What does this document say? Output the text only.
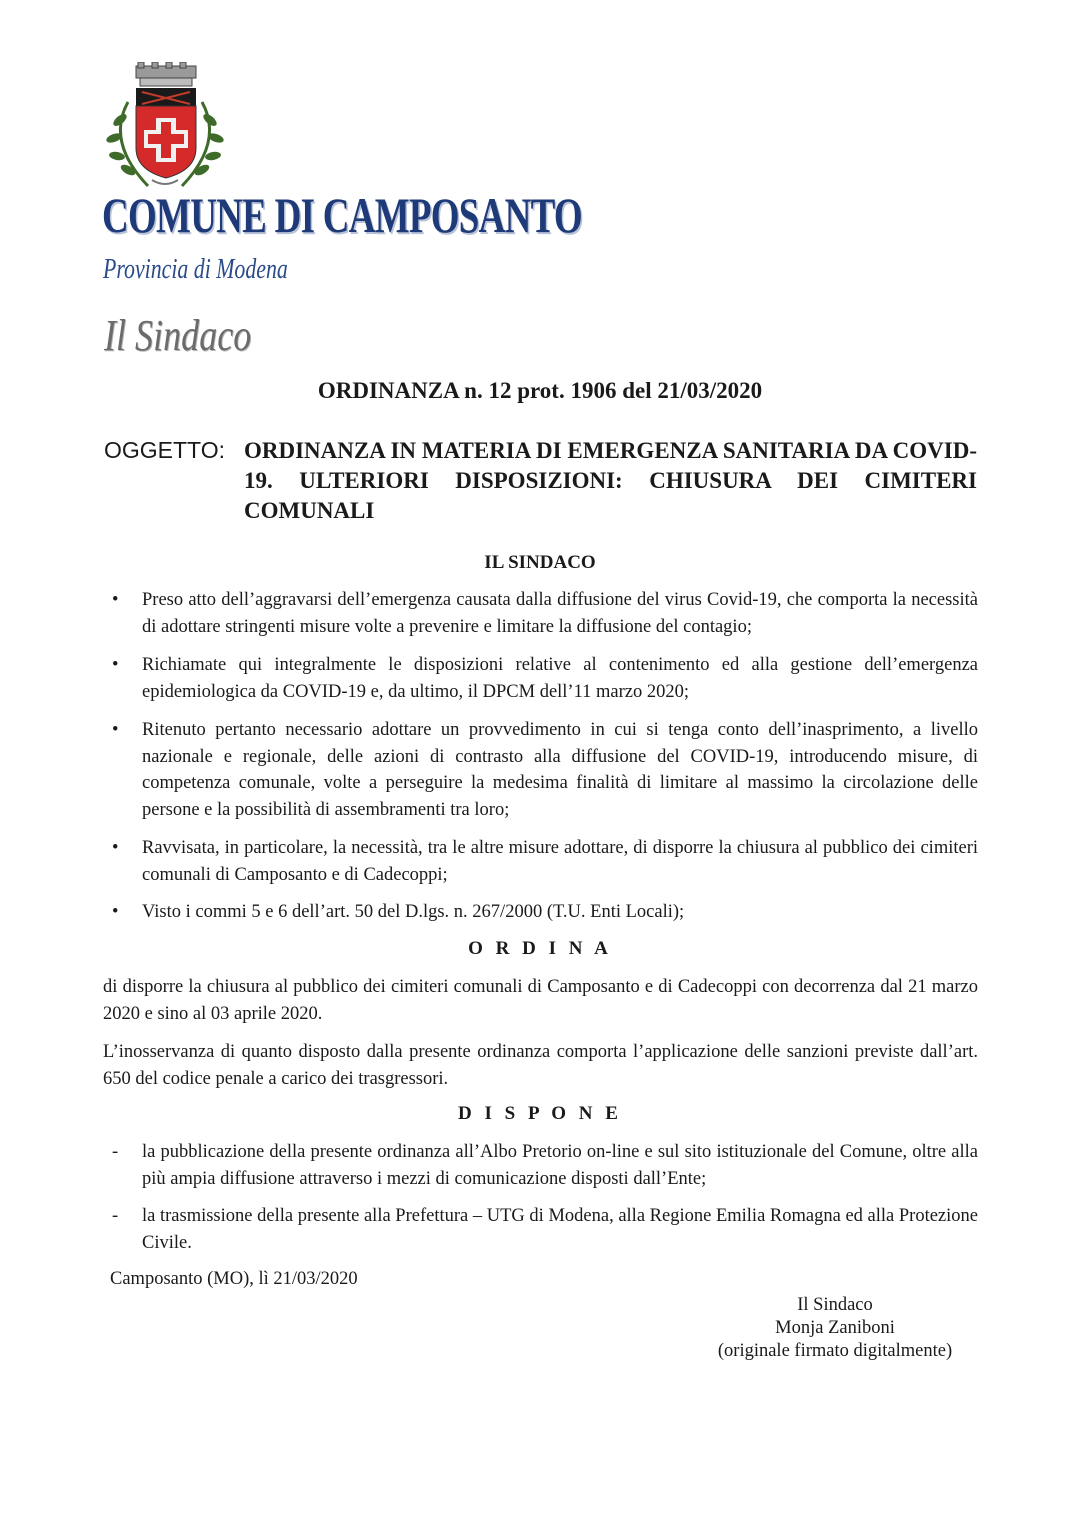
COMUNE DI CAMPOSANTO
Provincia di Modena
Il Sindaco
ORDINANZA n. 12 prot. 1906 del 21/03/2020
OGGETTO: ORDINANZA IN MATERIA DI EMERGENZA SANITARIA DA COVID-19. ULTERIORI DISPOSIZIONI: CHIUSURA DEI CIMITERI COMUNALI
IL SINDACO
• Preso atto dell’aggravarsi dell’emergenza causata dalla diffusione del virus Covid-19, che comporta la necessità di adottare stringenti misure volte a prevenire e limitare la diffusione del contagio;
• Richiamate qui integralmente le disposizioni relative al contenimento ed alla gestione dell’emergenza epidemiologica da COVID-19 e, da ultimo, il DPCM dell’11 marzo 2020;
• Ritenuto pertanto necessario adottare un provvedimento in cui si tenga conto dell’inasprimento, a livello nazionale e regionale, delle azioni di contrasto alla diffusione del COVID-19, introducendo misure, di competenza comunale, volte a perseguire la medesima finalità di limitare al massimo la circolazione delle persone e la possibilità di assembramenti tra loro;
• Ravvisata, in particolare, la necessità, tra le altre misure adottare, di disporre la chiusura al pubblico dei cimiteri comunali di Camposanto e di Cadecoppi;
• Visto i commi 5 e 6 dell’art. 50 del D.lgs. n. 267/2000 (T.U. Enti Locali);
O R D I N A
di disporre la chiusura al pubblico dei cimiteri comunali di Camposanto e di Cadecoppi con decorrenza dal 21 marzo 2020 e sino al 03 aprile 2020.
L’inosservanza di quanto disposto dalla presente ordinanza comporta l’applicazione delle sanzioni previste dall’art. 650 del codice penale a carico dei trasgressori.
D I S P O N E
-	la pubblicazione della presente ordinanza all’Albo Pretorio on-line e sul sito istituzionale del Comune, oltre alla più ampia diffusione attraverso i mezzi di comunicazione disposti dall’Ente;
-	la trasmissione della presente alla Prefettura – UTG di Modena, alla Regione Emilia Romagna ed alla Protezione Civile.
Camposanto (MO), lì 21/03/2020
Il Sindaco
Monja Zaniboni
(originale firmato digitalmente)
